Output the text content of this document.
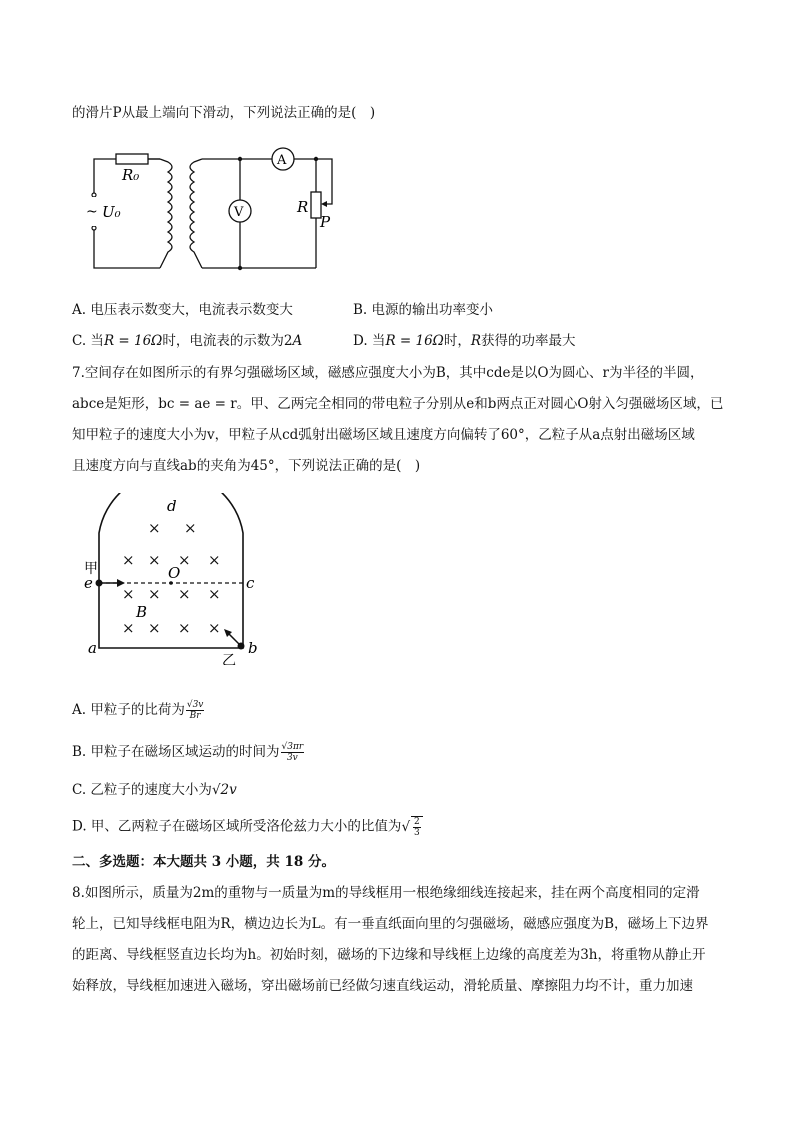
的滑片P从最上端向下滑动，下列说法正确的是(　)
~
R₀
U₀
A
V	R
P
A. 电压表示数变大，电流表示数变大	B. 电源的输出功率变小
C. 当R = 16Ω时，电流表的示数为2A	D. 当R = 16Ω时，R获得的功率最大
7.空间存在如图所示的有界匀强磁场区域，磁感应强度大小为B，其中cde是以O为圆心、r为半径的半圆，
abce是矩形，bc = ae = r。甲、乙两完全相同的带电粒子分别从e和b两点正对圆心O射入匀强磁场区域，已
知甲粒子的速度大小为v，甲粒子从cd弧射出磁场区域且速度方向偏转了60°，乙粒子从a点射出磁场区域
且速度方向与直线ab的夹角为45°，下列说法正确的是(　)
× ×
× × × ×
× × × ×
× × × ×
O
d
c
e
a	b
B
甲
乙
A. 甲粒子的比荷为 $\frac{√3v}{Br}$
B. 甲粒子在磁场区域运动的时间为 $\frac{√3\pi r}{3v}$
C. 乙粒子的速度大小为√2v
D. 甲、乙两粒子在磁场区域所受洛伦兹力大小的比值为√ $\frac{2}{3}$
二、多选题：本大题共 3 小题，共 18 分。
8.如图所示，质量为2m的重物与一质量为m的导线框用一根绝缘细线连接起来，挂在两个高度相同的定滑
轮上，已知导线框电阻为R，横边边长为L。有一垂直纸面向里的匀强磁场，磁感应强度为B，磁场上下边界
的距离、导线框竖直边长均为h。初始时刻，磁场的下边缘和导线框上边缘的高度差为3h，将重物从静止开
始释放，导线框加速进入磁场，穿出磁场前已经做匀速直线运动，滑轮质量、摩擦阻力均不计，重力加速
